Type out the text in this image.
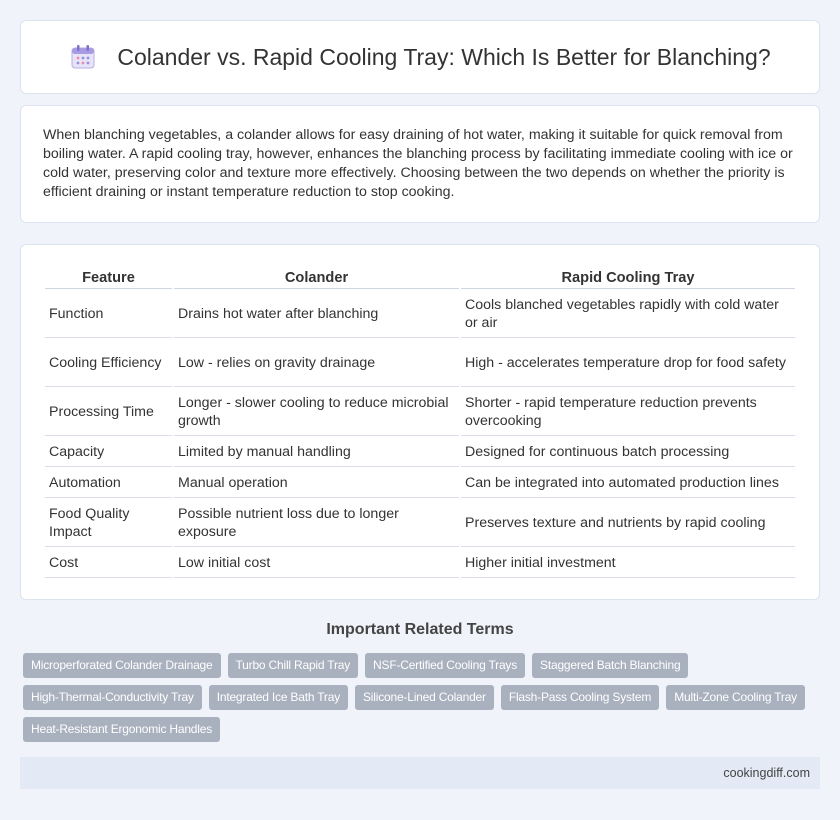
Colander vs. Rapid Cooling Tray: Which Is Better for Blanching?

When blanching vegetables, a colander allows for easy draining of hot water, making it suitable for quick removal from boiling water. A rapid cooling tray, however, enhances the blanching process by facilitating immediate cooling with ice or cold water, preserving color and texture more effectively. Choosing between the two depends on whether the priority is efficient draining or instant temperature reduction to stop cooking.

Feature	Colander	Rapid Cooling Tray
Function	Drains hot water after blanching	Cools blanched vegetables rapidly with cold water or air
Cooling Efficiency	Low - relies on gravity drainage	High - accelerates temperature drop for food safety
Processing Time	Longer - slower cooling to reduce microbial growth	Shorter - rapid temperature reduction prevents overcooking
Capacity	Limited by manual handling	Designed for continuous batch processing
Automation	Manual operation	Can be integrated into automated production lines
Food Quality Impact	Possible nutrient loss due to longer exposure	Preserves texture and nutrients by rapid cooling
Cost	Low initial cost	Higher initial investment
Important Related Terms
Microperforated Colander Drainage	Turbo Chill Rapid Tray	NSF-Certified Cooling Trays	Staggered Batch Blanching
High-Thermal-Conductivity Tray	Integrated Ice Bath Tray	Silicone-Lined Colander	Flash-Pass Cooling System	Multi-Zone Cooling Tray
Heat-Resistant Ergonomic Handles
cookingdiff.com
